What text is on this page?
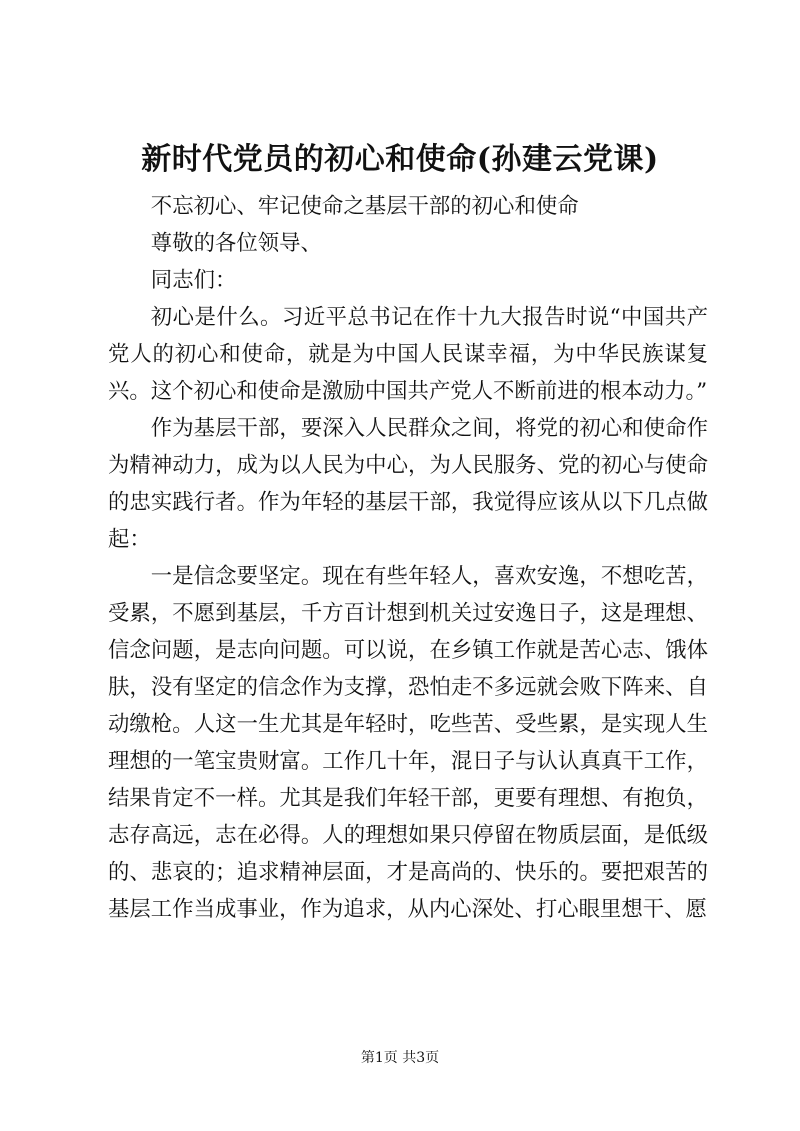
新时代党员的初心和使命(孙建云党课)

不忘初心、牢记使命之基层干部的初心和使命

尊敬的各位领导、

同志们：

初心是什么。习近平总书记在作十九大报告时说“中国共产党人的初心和使命，就是为中国人民谋幸福，为中华民族谋复兴。这个初心和使命是激励中国共产党人不断前进的根本动力。”

作为基层干部，要深入人民群众之间，将党的初心和使命作为精神动力，成为以人民为中心，为人民服务、党的初心与使命的忠实践行者。作为年轻的基层干部，我觉得应该从以下几点做起：

一是信念要坚定。现在有些年轻人，喜欢安逸，不想吃苦，受累，不愿到基层，千方百计想到机关过安逸日子，这是理想、信念问题，是志向问题。可以说，在乡镇工作就是苦心志、饿体肤，没有坚定的信念作为支撑，恐怕走不多远就会败下阵来、自动缴枪。人这一生尤其是年轻时，吃些苦、受些累，是实现人生理想的一笔宝贵财富。工作几十年，混日子与认认真真干工作，结果肯定不一样。尤其是我们年轻干部，更要有理想、有抱负，志存高远，志在必得。人的理想如果只停留在物质层面，是低级的、悲哀的；追求精神层面，才是高尚的、快乐的。要把艰苦的基层工作当成事业，作为追求，从内心深处、打心眼里想干、愿

第1页 共3页
